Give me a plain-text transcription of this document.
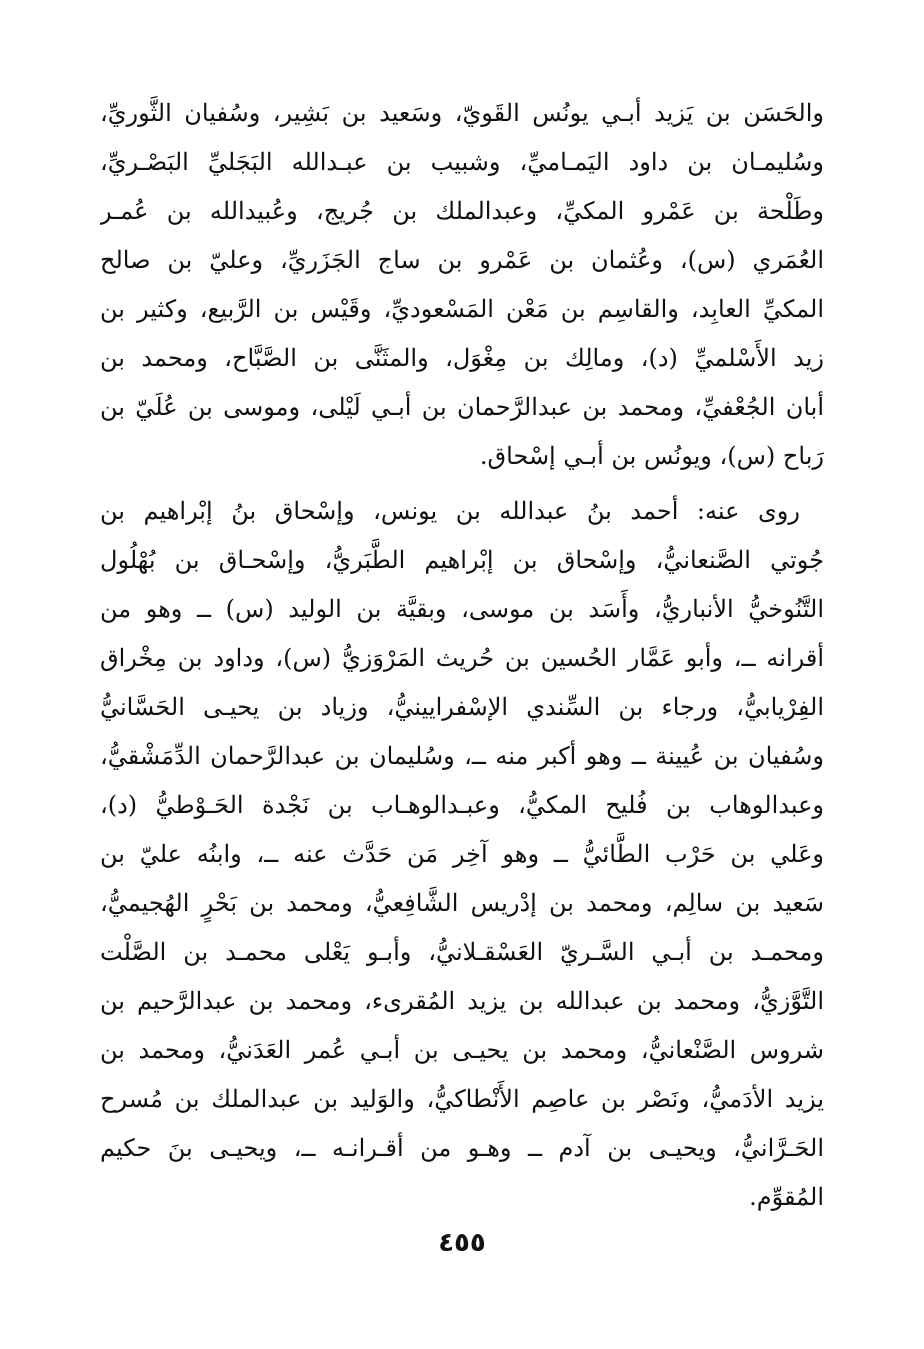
والحَسَن بن يَزيد أبـي يونُس القَويّ، وسَعيد بن بَشِير، وسُفيان الثَّوريِّ،
وسُليمـان بن داود اليَمـاميِّ، وشبيب بن عبـدالله البَجَليِّ البَصْـريِّ،
وطَلْحة بن عَمْرو المكيِّ، وعبدالملك بن جُريج، وعُبيدالله بن عُمـر
العُمَري (س)، وعُثمان بن عَمْرو بن ساج الجَزَريِّ، وعليّ بن صالح
المكيِّ العابِد، والقاسِم بن مَعْن المَسْعوديِّ، وقَيْس بن الرَّبيع، وكثير بن
زيد الأَسْلميِّ (د)، ومالِك بن مِغْوَل، والمثَنَّى بن الصَّبَّاح، ومحمد بن
أبان الجُعْفيِّ، ومحمد بن عبدالرَّحمان بن أبـي لَيْلى، وموسى بن عُلَيّ بن
رَباح (س)، ويونُس بن أبـي إسْحاق.
روى عنه: أحمد بنُ عبدالله بن يونس، وإسْحاق بنُ إبْراهيم بن
جُوتي الصَّنعانيُّ، وإسْحاق بن إبْراهيم الطَّبَريُّ، وإسْحـاق بن بُهْلُول
التَّنُوخيُّ الأنباريُّ، وأَسَد بن موسى، وبقيَّة بن الوليد (س) ــ وهو من
أقرانه ــ، وأبو عَمَّار الحُسين بن حُريث المَرْوَزيُّ (س)، وداود بن مِخْراق
الفِرْيابيُّ، ورجاء بن السِّندي الإسْفرايينيُّ، وزياد بن يحيـى الحَسَّانيُّ
وسُفيان بن عُيينة ــ وهو أكبر منه ــ، وسُليمان بن عبدالرَّحمان الدِّمَشْقيُّ،
وعبدالوهاب بن فُليح المكيُّ، وعبـدالوهـاب بن نَجْدة الحَـوْطيُّ (د)،
وعَلي بن حَرْب الطَّائيُّ ــ وهو آخِر مَن حَدَّث عنه ــ، وابنُه عليّ بن
سَعيد بن سالِم، ومحمد بن إدْريس الشَّافِعيُّ، ومحمد بن بَحْرٍ الهُجيميُّ،
ومحمـد بن أبـي السَّـريّ العَسْقـلانيُّ، وأبـو يَعْلى محمـد بن الصَّلْت
التَّوَّزيُّ، ومحمد بن عبدالله بن يزيد المُقرىء، ومحمد بن عبدالرَّحيم بن
شروس الصَّنْعانيُّ، ومحمد بن يحيـى بن أبـي عُمر العَدَنيُّ، ومحمد بن
يزيد الأدَميُّ، ونَصْر بن عاصِم الأَنْطاكيُّ، والوَليد بن عبدالملك بن مُسرح
الحَـرَّانيُّ، ويحيـى بن آدم ــ وهـو من أقـرانـه ــ، ويحيـى بنَ حكيم
المُقوِّم.
٤٥٥
